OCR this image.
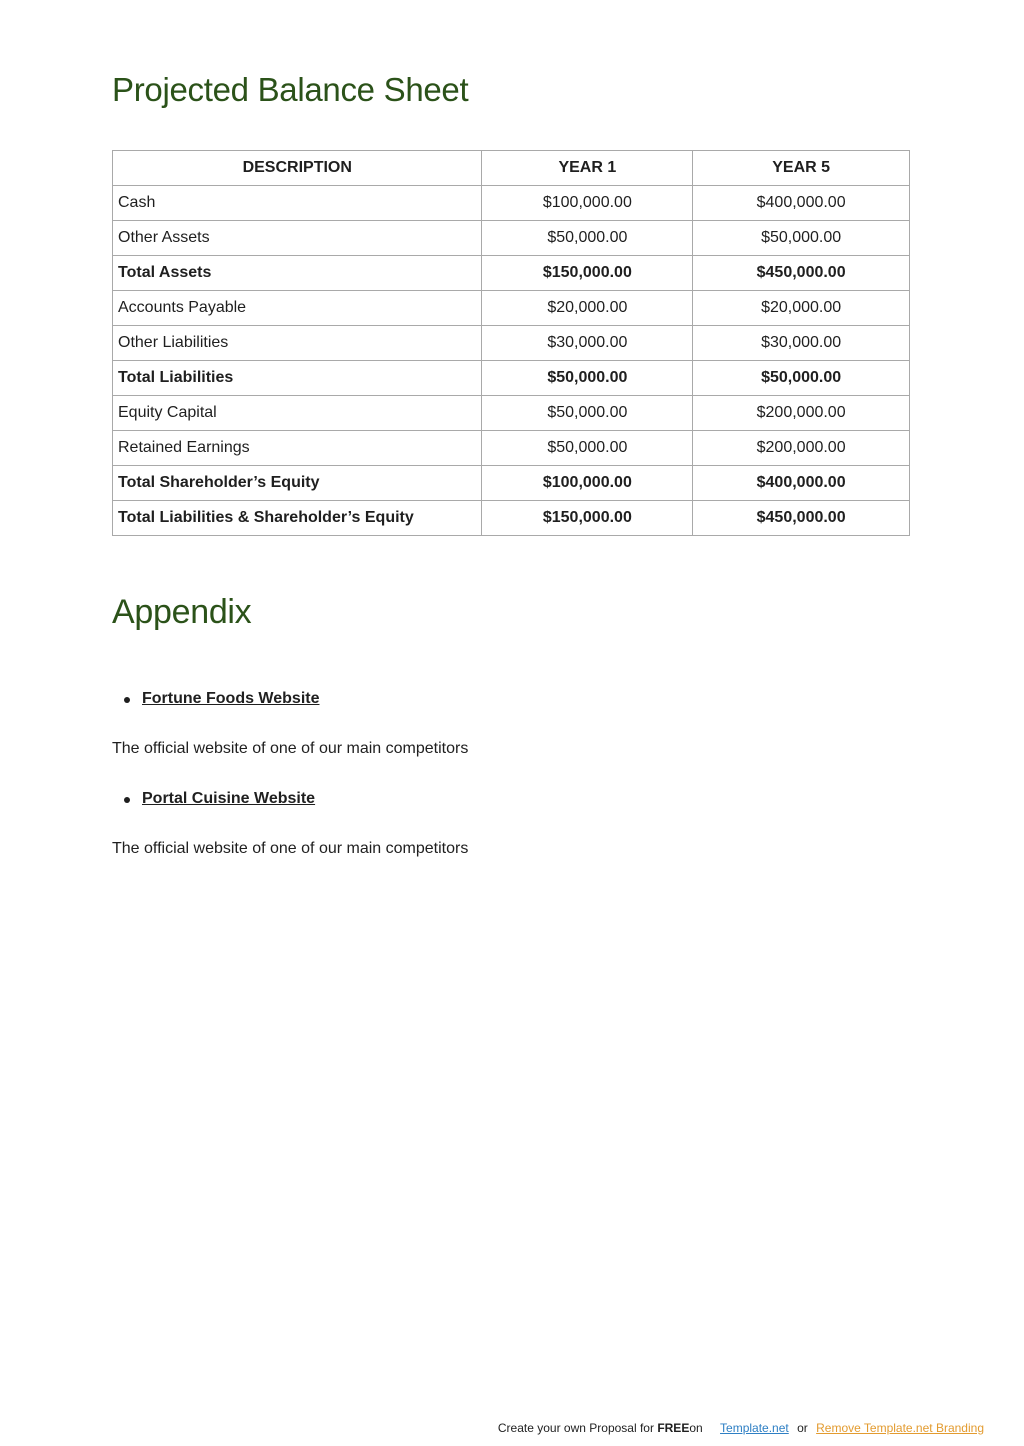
Projected Balance Sheet
DESCRIPTION	YEAR 1	YEAR 5
Cash	$100,000.00	$400,000.00
Other Assets	$50,000.00	$50,000.00
Total Assets	$150,000.00	$450,000.00
Accounts Payable	$20,000.00	$20,000.00
Other Liabilities	$30,000.00	$30,000.00
Total Liabilities	$50,000.00	$50,000.00
Equity Capital	$50,000.00	$200,000.00
Retained Earnings	$50,000.00	$200,000.00
Total Shareholder’s Equity	$100,000.00	$400,000.00
Total Liabilities & Shareholder’s Equity	$150,000.00	$450,000.00
Appendix
Fortune Foods Website
The official website of one of our main competitors
Portal Cuisine Website
The official website of one of our main competitors
Create your own Proposal for FREEon Template.net or Remove Template.net Branding
